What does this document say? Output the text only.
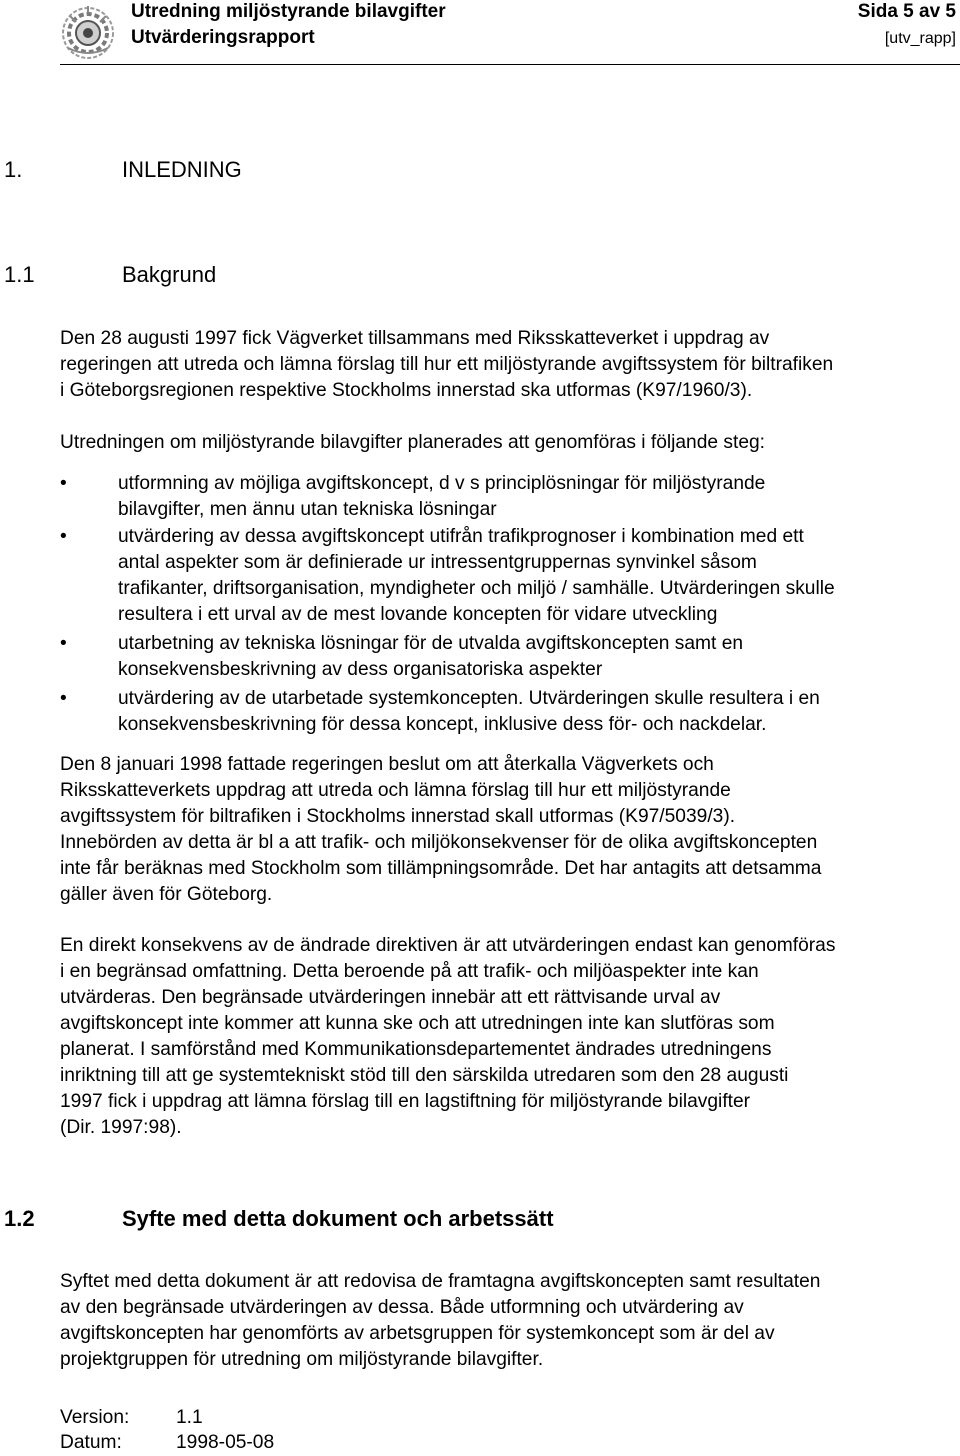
Utredning miljöstyrande bilavgifter
Utvärderingsrapport
Sida 5 av 5
[utv_rapp]
1.	INLEDNING
1.1	Bakgrund
Den 28 augusti 1997 fick Vägverket tillsammans med Riksskatteverket i uppdrag av
regeringen att utreda och lämna förslag till hur ett miljöstyrande avgiftssystem för biltrafiken
i Göteborgsregionen respektive Stockholms innerstad ska utformas (K97/1960/3).
Utredningen om miljöstyrande bilavgifter planerades att genomföras i följande steg:
•	utformning av möjliga avgiftskoncept, d v s principlösningar för miljöstyrande
bilavgifter, men ännu utan tekniska lösningar
•	utvärdering av dessa avgiftskoncept utifrån trafikprognoser i kombination med ett
antal aspekter som är definierade ur intressentgruppernas synvinkel såsom
trafikanter, driftsorganisation, myndigheter och miljö / samhälle. Utvärderingen skulle
resultera i ett urval av de mest lovande koncepten för vidare utveckling
•	utarbetning av tekniska lösningar för de utvalda avgiftskoncepten samt en
konsekvensbeskrivning av dess organisatoriska aspekter
•	utvärdering av de utarbetade systemkoncepten. Utvärderingen skulle resultera i en
konsekvensbeskrivning för dessa koncept, inklusive dess för- och nackdelar.
Den 8 januari 1998 fattade regeringen beslut om att återkalla Vägverkets och
Riksskatteverkets uppdrag att utreda och lämna förslag till hur ett miljöstyrande
avgiftssystem för biltrafiken i Stockholms innerstad skall utformas (K97/5039/3).
Innebörden av detta är bl a att trafik- och miljökonsekvenser för de olika avgiftskoncepten
inte får beräknas med Stockholm som tillämpningsområde. Det har antagits att detsamma
gäller även för Göteborg.
En direkt konsekvens av de ändrade direktiven är att utvärderingen endast kan genomföras
i en begränsad omfattning. Detta beroende på att trafik- och miljöaspekter inte kan
utvärderas. Den begränsade utvärderingen innebär att ett rättvisande urval av
avgiftskoncept inte kommer att kunna ske och att utredningen inte kan slutföras som
planerat. I samförstånd med Kommunikationsdepartementet ändrades utredningens
inriktning till att ge systemtekniskt stöd till den särskilda utredaren som den 28 augusti
1997 fick i uppdrag att lämna förslag till en lagstiftning för miljöstyrande bilavgifter
(Dir. 1997:98).
1.2	Syfte med detta dokument och arbetssätt
Syftet med detta dokument är att redovisa de framtagna avgiftskoncepten samt resultaten
av den begränsade utvärderingen av dessa. Både utformning och utvärdering av
avgiftskoncepten har genomförts av arbetsgruppen för systemkoncept som är del av
projektgruppen för utredning om miljöstyrande bilavgifter.
Version: 1.1
Datum:	1998-05-08
